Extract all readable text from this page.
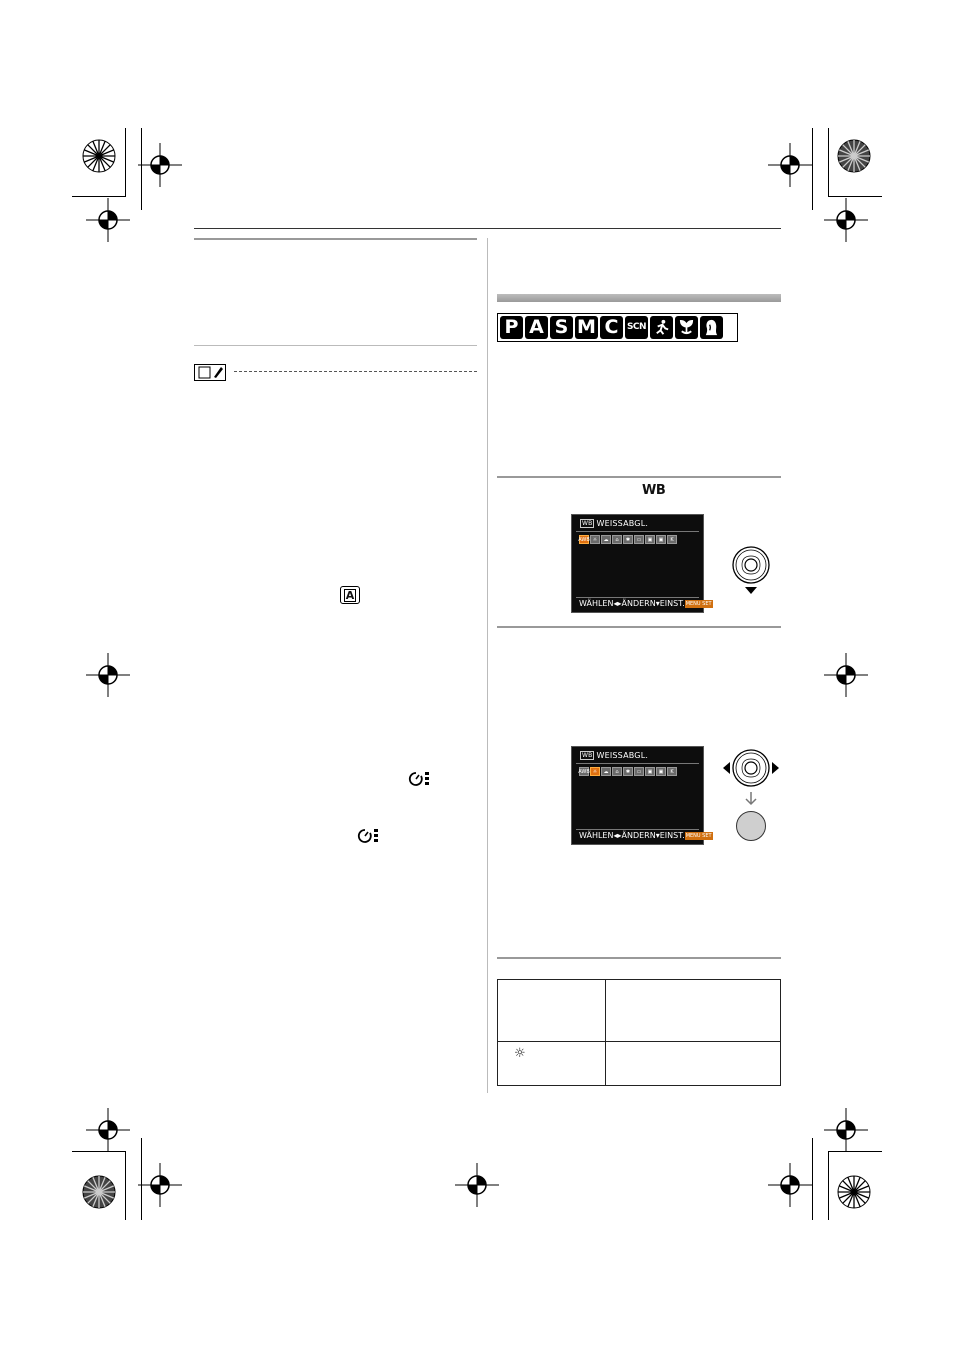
A
P A S M C SCN
WB
WB WEISSABGL.
AWB ☼	☁	⌂	✱	▭	▣	▣	K
WÄHLEN◂▸ÄNDERN▾EINST.MENU SET
WB WEISSABGL.
AWB ☼	☁	⌂	✱	▭	▣	▣	K
WÄHLEN◂▸ÄNDERN▾EINST.MENU SET
☼
